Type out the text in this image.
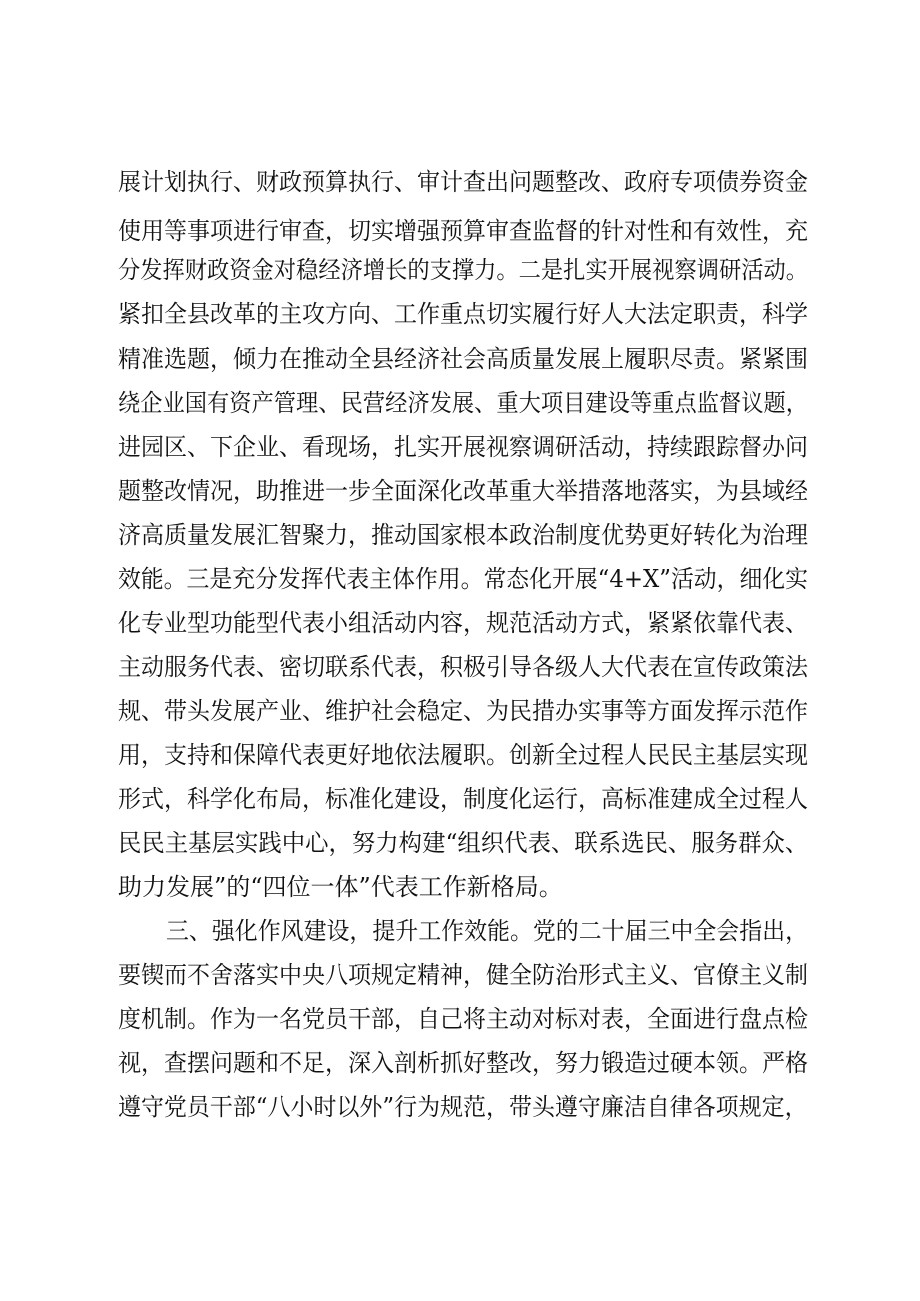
展计划执行、财政预算执行、审计查出问题整改、政府专项债券资金
使用等事项进行审查，切实增强预算审查监督的针对性和有效性，充
分发挥财政资金对稳经济增长的支撑力。二是扎实开展视察调研活动。
紧扣全县改革的主攻方向、工作重点切实履行好人大法定职责，科学
精准选题，倾力在推动全县经济社会高质量发展上履职尽责。紧紧围
绕企业国有资产管理、民营经济发展、重大项目建设等重点监督议题，
进园区、下企业、看现场，扎实开展视察调研活动，持续跟踪督办问
题整改情况，助推进一步全面深化改革重大举措落地落实，为县域经
济高质量发展汇智聚力，推动国家根本政治制度优势更好转化为治理
效能。三是充分发挥代表主体作用。常态化开展“4+X”活动，细化实
化专业型功能型代表小组活动内容，规范活动方式，紧紧依靠代表、
主动服务代表、密切联系代表，积极引导各级人大代表在宣传政策法
规、带头发展产业、维护社会稳定、为民措办实事等方面发挥示范作
用，支持和保障代表更好地依法履职。创新全过程人民民主基层实现
形式，科学化布局，标准化建设，制度化运行，高标准建成全过程人
民民主基层实践中心，努力构建“组织代表、联系选民、服务群众、
助力发展”的“四位一体”代表工作新格局。
三、强化作风建设，提升工作效能。党的二十届三中全会指出，
要锲而不舍落实中央八项规定精神，健全防治形式主义、官僚主义制
度机制。作为一名党员干部，自己将主动对标对表，全面进行盘点检
视，查摆问题和不足，深入剖析抓好整改，努力锻造过硬本领。严格
遵守党员干部“八小时以外”行为规范，带头遵守廉洁自律各项规定，
